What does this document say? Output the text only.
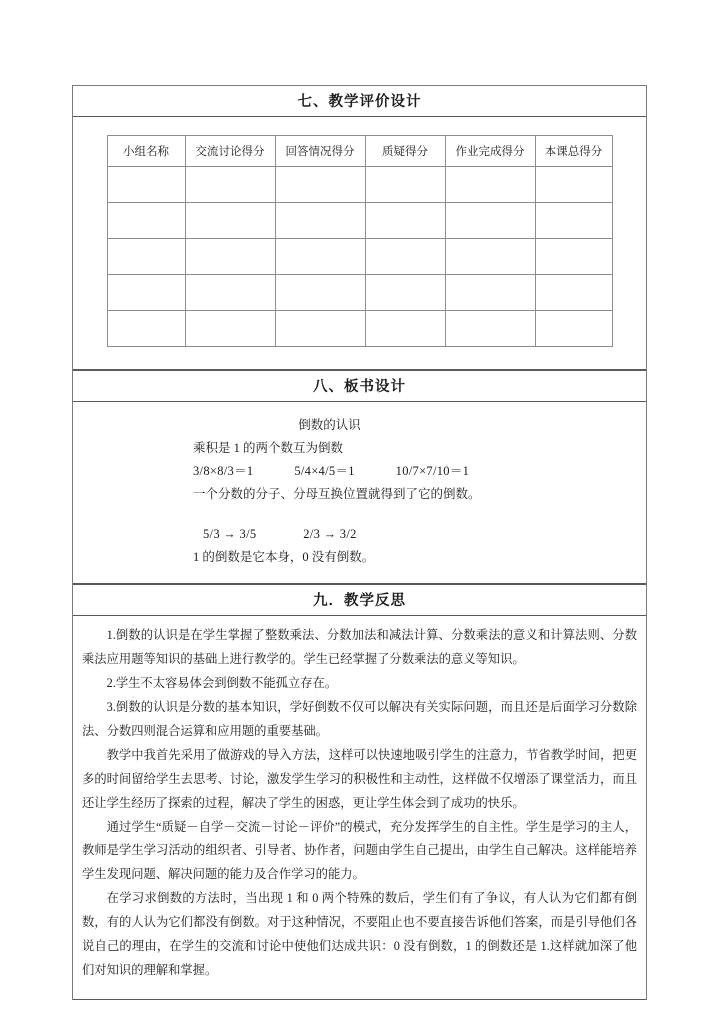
七、教学评价设计
小组名称	交流讨论得分	回答情况得分	质疑得分	作业完成得分	本课总得分

八、板书设计
倒数的认识
乘积是 1 的两个数互为倒数
3/8×8/3＝1	5/4×4/5＝1	10/7×7/10＝1
一个分数的分子、分母互换位置就得到了它的倒数。
5/3 → 3/5	2/3 → 3/2
1 的倒数是它本身，0 没有倒数。
九．教学反思

1.倒数的认识是在学生掌握了整数乘法、分数加法和减法计算、分数乘法的意义和计算法则、分数乘法应用题等知识的基础上进行教学的。学生已经掌握了分数乘法的意义等知识。

2.学生不太容易体会到倒数不能孤立存在。

3.倒数的认识是分数的基本知识，学好倒数不仅可以解决有关实际问题，而且还是后面学习分数除法、分数四则混合运算和应用题的重要基础。

教学中我首先采用了做游戏的导入方法，这样可以快速地吸引学生的注意力，节省教学时间，把更多的时间留给学生去思考、讨论，激发学生学习的积极性和主动性，这样做不仅增添了课堂活力，而且还让学生经历了探索的过程，解决了学生的困惑，更让学生体会到了成功的快乐。

通过学生“质疑－自学－交流－讨论－评价”的模式，充分发挥学生的自主性。学生是学习的主人，教师是学生学习活动的组织者、引导者、协作者，问题由学生自己提出，由学生自己解决。这样能培养学生发现问题、解决问题的能力及合作学习的能力。

在学习求倒数的方法时，当出现 1 和 0 两个特殊的数后，学生们有了争议，有人认为它们都有倒数，有的人认为它们都没有倒数。对于这种情况，不要阻止也不要直接告诉他们答案，而是引导他们各说自己的理由，在学生的交流和讨论中使他们达成共识：0 没有倒数，1 的倒数还是 1.这样就加深了他们对知识的理解和掌握。
